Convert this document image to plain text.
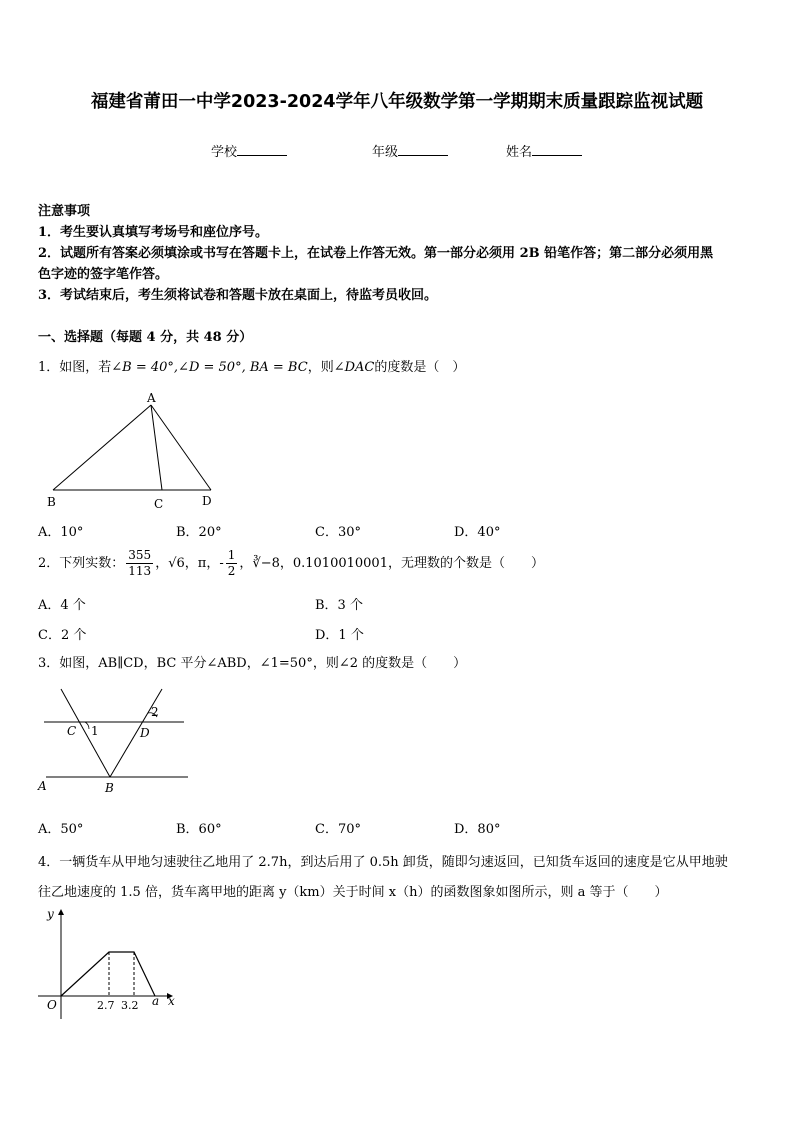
福建省莆田一中学2023-2024学年八年级数学第一学期期末质量跟踪监视试题
学校	年级	姓名
注意事项
1．考生要认真填写考场号和座位序号。
2．试题所有答案必须填涂或书写在答题卡上，在试卷上作答无效。第一部分必须用 2B 铅笔作答；第二部分必须用黑
色字迹的签字笔作答。
3．考试结束后，考生须将试卷和答题卡放在桌面上，待监考员收回。
一、选择题（每题 4 分，共 48 分）
1．如图，若∠B = 40°,∠D = 50°, BA = BC，则∠DAC的度数是（　）
A
B	C	D
A．10°	B．20°	C．30°	D．40°
2．下列实数： $\frac{355}{113}$ ，√6，π，- $\frac{1}{2}$ ，∛−8，0.1010010001，无理数的个数是（　　）
A．4 个	B．3 个
C．2 个	D．1 个
3．如图，AB∥CD，BC 平分∠ABD，∠1=50°，则∠2 的度数是（　　）
C 1	D
2
A	B
A．50°	B．60°	C．70°	D．80°
4．一辆货车从甲地匀速驶往乙地用了 2.7h，到达后用了 0.5h 卸货，随即匀速返回，已知货车返回的速度是它从甲地驶
往乙地速度的 1.5 倍，货车离甲地的距离 y（km）关于时间 x（h）的函数图象如图所示，则 a 等于（　　）
y
x
O	2.7 3.2 a
